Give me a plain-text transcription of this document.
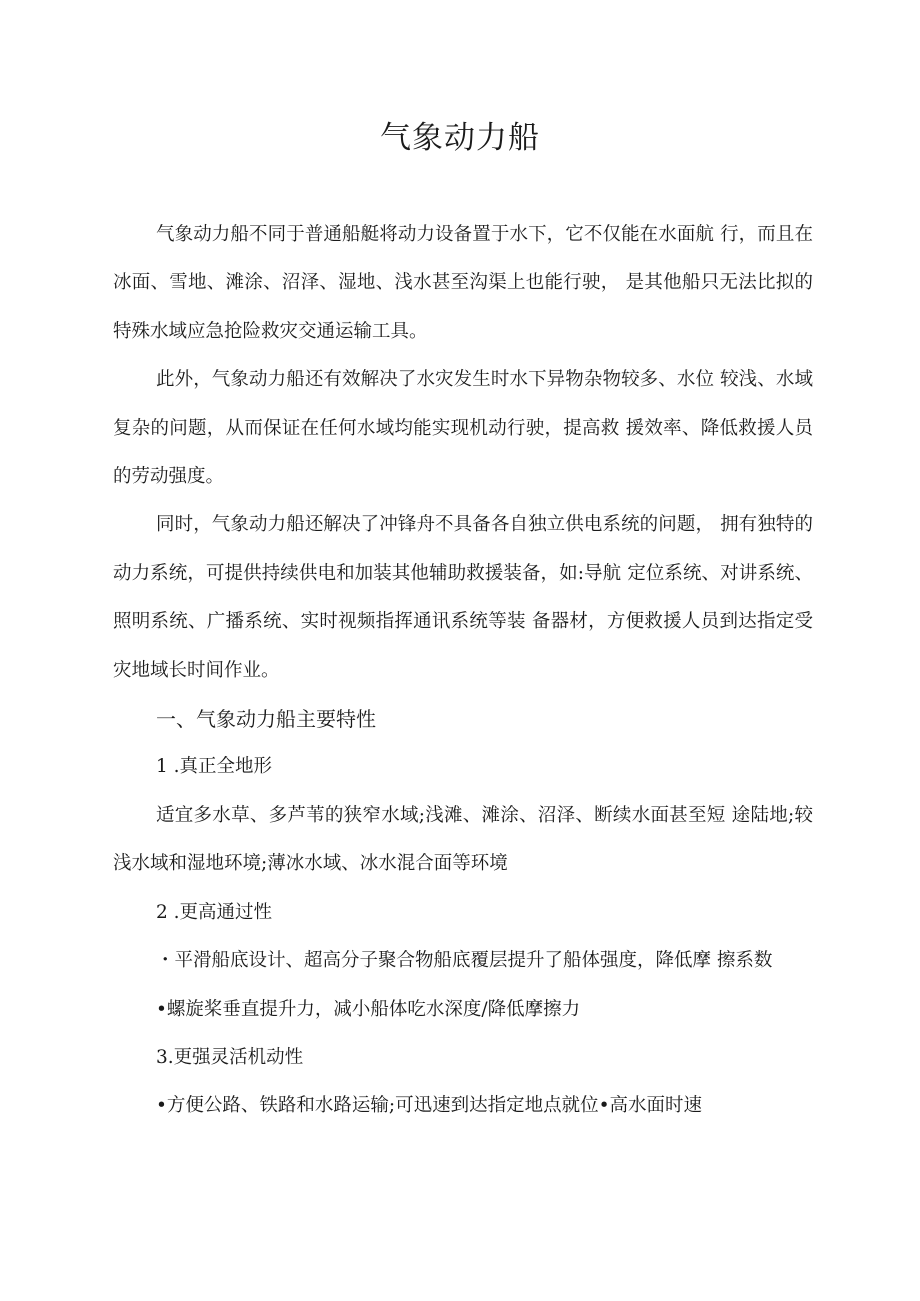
气象动力船

气象动力船不同于普通船艇将动力设备置于水下，它不仅能在水面航 行，而且在冰面、雪地、滩涂、沼泽、湿地、浅水甚至沟渠上也能行驶， 是其他船只无法比拟的特殊水域应急抢险救灾交通运输工具。

此外，气象动力船还有效解决了水灾发生时水下异物杂物较多、水位 较浅、水域复杂的问题，从而保证在任何水域均能实现机动行驶，提高救 援效率、降低救援人员的劳动强度。

同时，气象动力船还解决了冲锋舟不具备各自独立供电系统的问题， 拥有独特的动力系统，可提供持续供电和加装其他辅助救援装备，如:导航 定位系统、对讲系统、照明系统、广播系统、实时视频指挥通讯系统等装 备器材，方便救援人员到达指定受灾地域长时间作业。

一、气象动力船主要特性

1 .真正全地形

适宜多水草、多芦苇的狭窄水域;浅滩、滩涂、沼泽、断续水面甚至短 途陆地;较浅水域和湿地环境;薄冰水域、冰水混合面等环境

2 .更高通过性

・平滑船底设计、超高分子聚合物船底覆层提升了船体强度，降低摩 擦系数

•螺旋桨垂直提升力，减小船体吃水深度/降低摩擦力

3.更强灵活机动性

•方便公路、铁路和水路运输;可迅速到达指定地点就位•高水面时速
